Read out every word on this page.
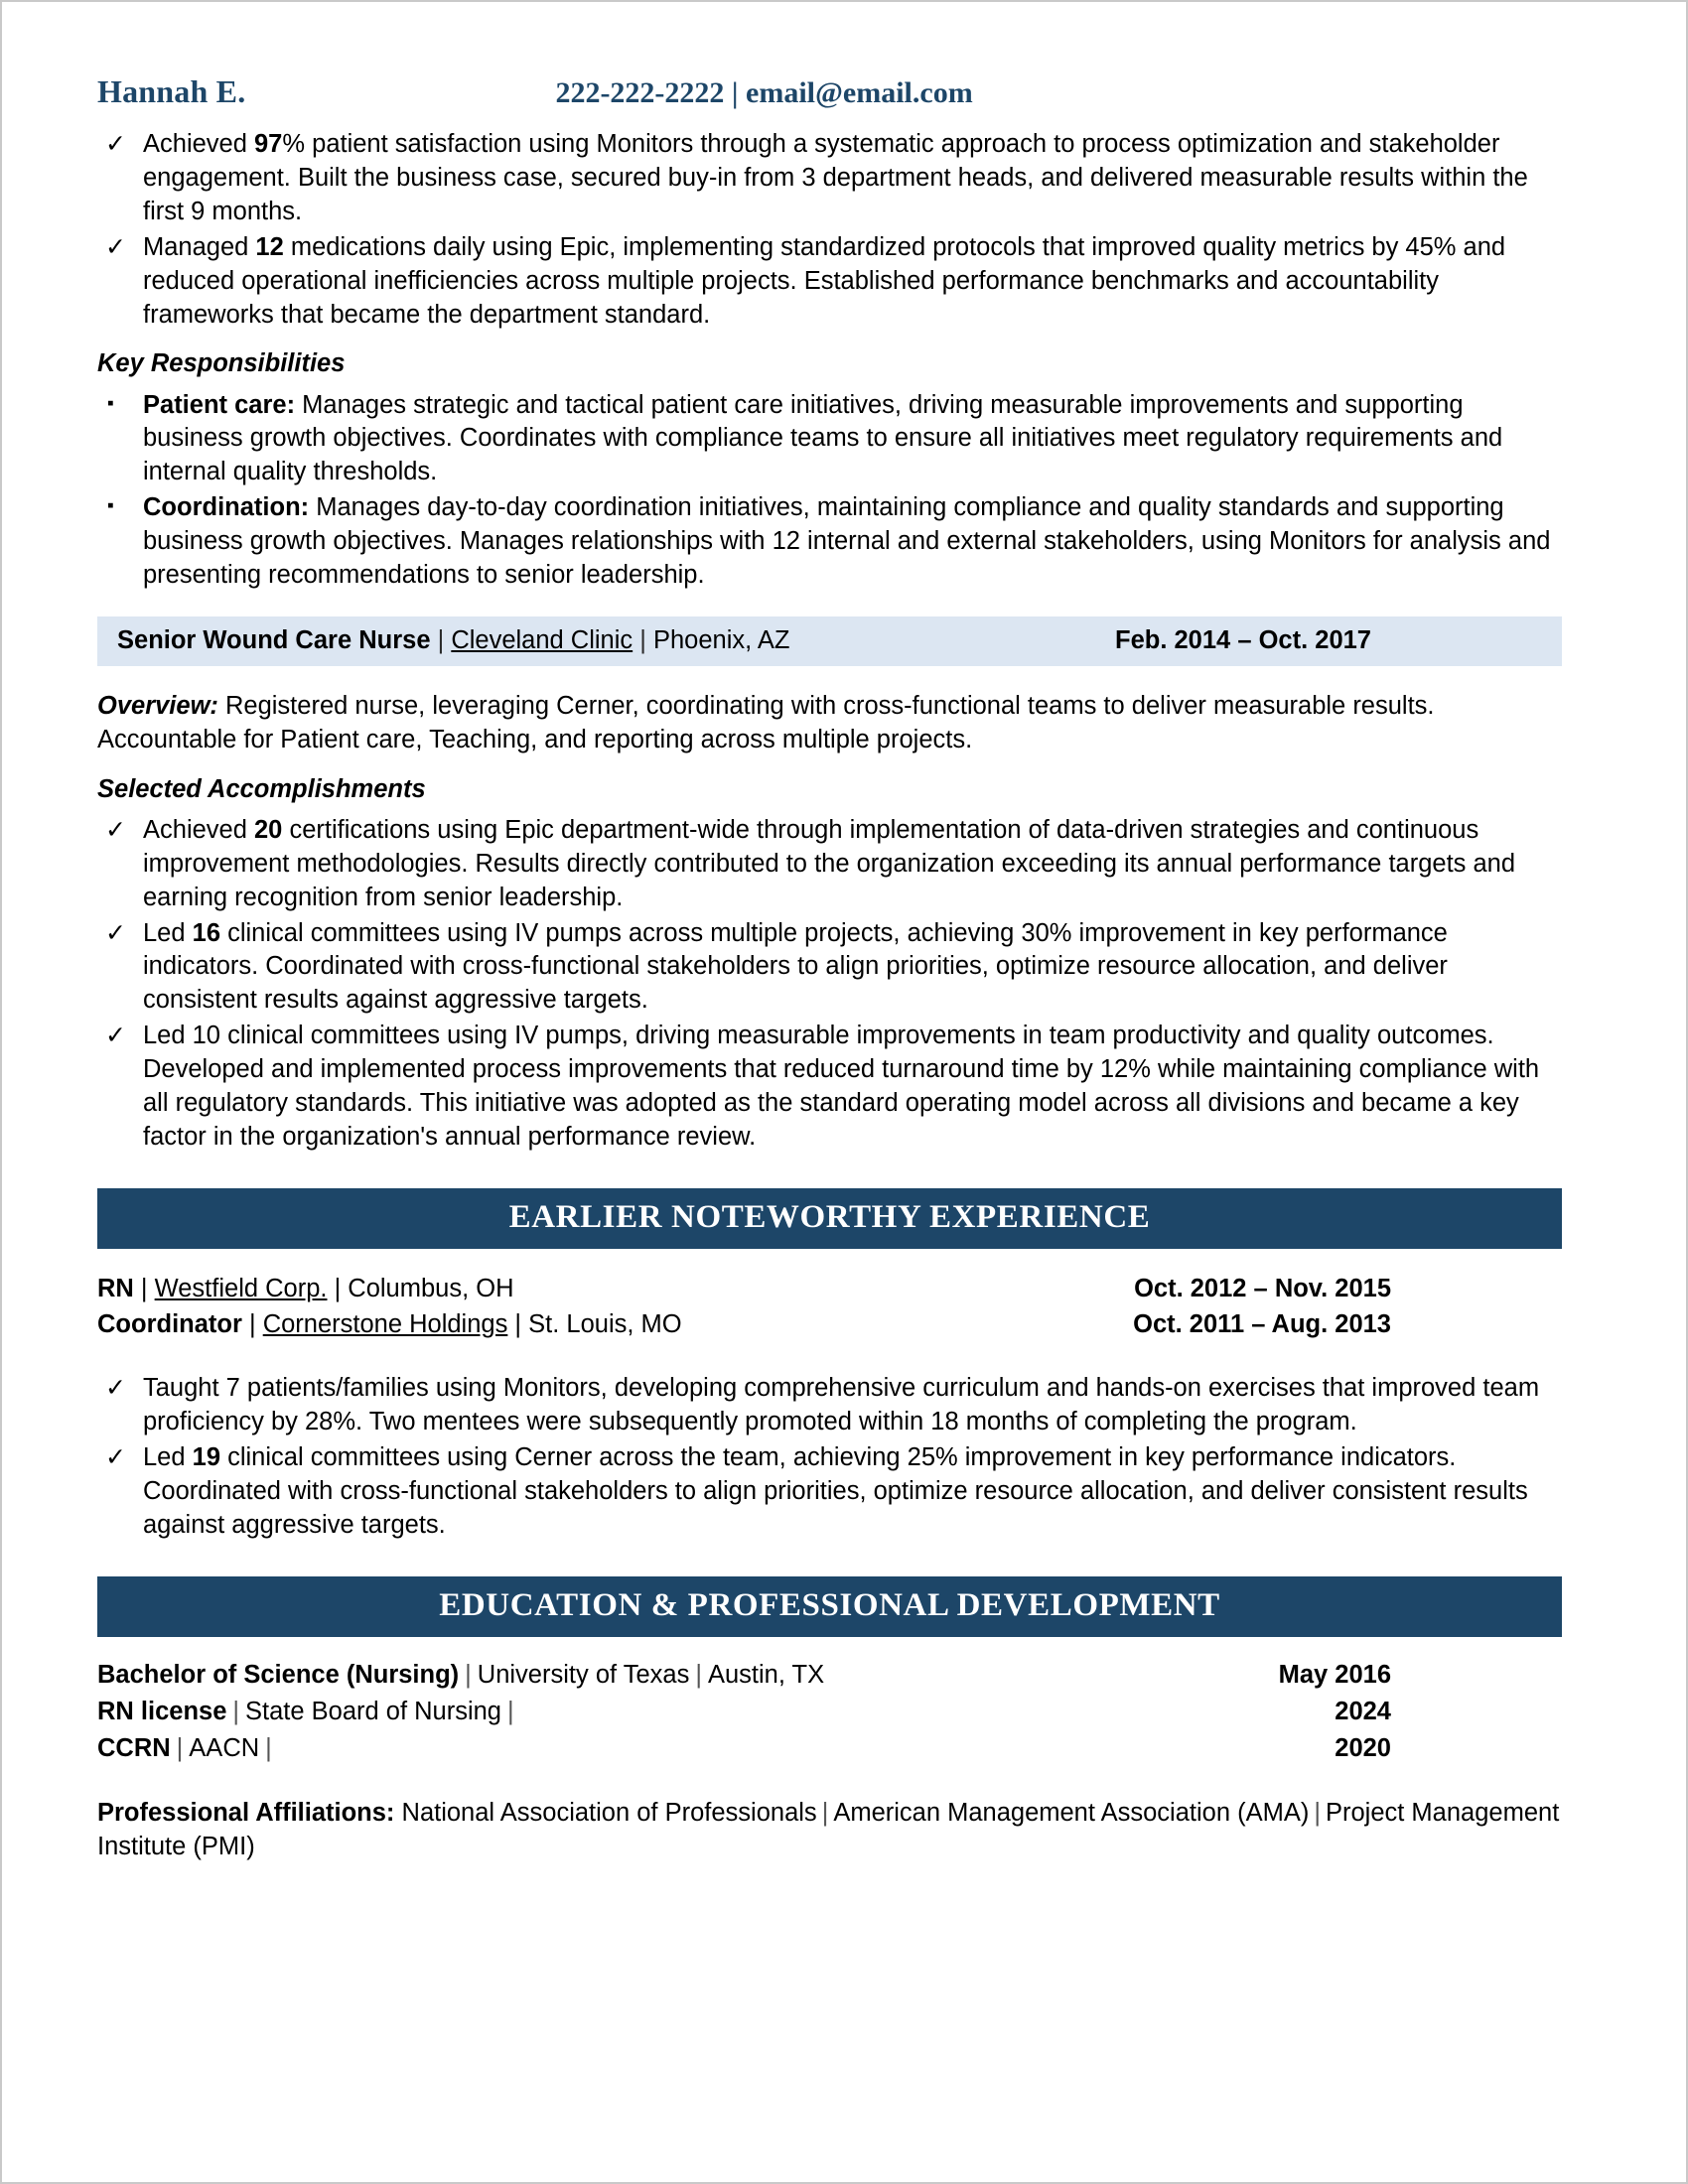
Hannah E.	222-222-2222 | email@email.com
✓ Achieved 97% patient satisfaction using Monitors through a systematic approach to process optimization and stakeholder engagement. Built the business case, secured buy-in from 3 department heads, and delivered measurable results within the first 9 months.
✓ Managed 12 medications daily using Epic, implementing standardized protocols that improved quality metrics by 45% and reduced operational inefficiencies across multiple projects. Established performance benchmarks and accountability frameworks that became the department standard.
Key Responsibilities
▪ Patient care: Manages strategic and tactical patient care initiatives, driving measurable improvements and supporting business growth objectives. Coordinates with compliance teams to ensure all initiatives meet regulatory requirements and internal quality thresholds.
▪ Coordination: Manages day-to-day coordination initiatives, maintaining compliance and quality standards and supporting business growth objectives. Manages relationships with 12 internal and external stakeholders, using Monitors for analysis and presenting recommendations to senior leadership.
Senior Wound Care Nurse | Cleveland Clinic | Phoenix, AZ	Feb. 2014 – Oct. 2017
Overview: Registered nurse, leveraging Cerner, coordinating with cross-functional teams to deliver measurable results. Accountable for Patient care, Teaching, and reporting across multiple projects.
Selected Accomplishments
✓ Achieved 20 certifications using Epic department-wide through implementation of data-driven strategies and continuous improvement methodologies. Results directly contributed to the organization exceeding its annual performance targets and earning recognition from senior leadership.
✓ Led 16 clinical committees using IV pumps across multiple projects, achieving 30% improvement in key performance indicators. Coordinated with cross-functional stakeholders to align priorities, optimize resource allocation, and deliver consistent results against aggressive targets.
✓ Led 10 clinical committees using IV pumps, driving measurable improvements in team productivity and quality outcomes. Developed and implemented process improvements that reduced turnaround time by 12% while maintaining compliance with all regulatory standards. This initiative was adopted as the standard operating model across all divisions and became a key factor in the organization's annual performance review.
EARLIER NOTEWORTHY EXPERIENCE
RN | Westfield Corp. | Columbus, OH	Oct. 2012 – Nov. 2015
Coordinator | Cornerstone Holdings | St. Louis, MO	Oct. 2011 – Aug. 2013
✓ Taught 7 patients/families using Monitors, developing comprehensive curriculum and hands-on exercises that improved team proficiency by 28%. Two mentees were subsequently promoted within 18 months of completing the program.
✓ Led 19 clinical committees using Cerner across the team, achieving 25% improvement in key performance indicators. Coordinated with cross-functional stakeholders to align priorities, optimize resource allocation, and deliver consistent results against aggressive targets.
EDUCATION & PROFESSIONAL DEVELOPMENT
Bachelor of Science (Nursing) | University of Texas | Austin, TX	May 2016
RN license | State Board of Nursing |	2024
CCRN | AACN |	2020
Professional Affiliations: National Association of Professionals | American Management Association (AMA) | Project Management Institute (PMI)
